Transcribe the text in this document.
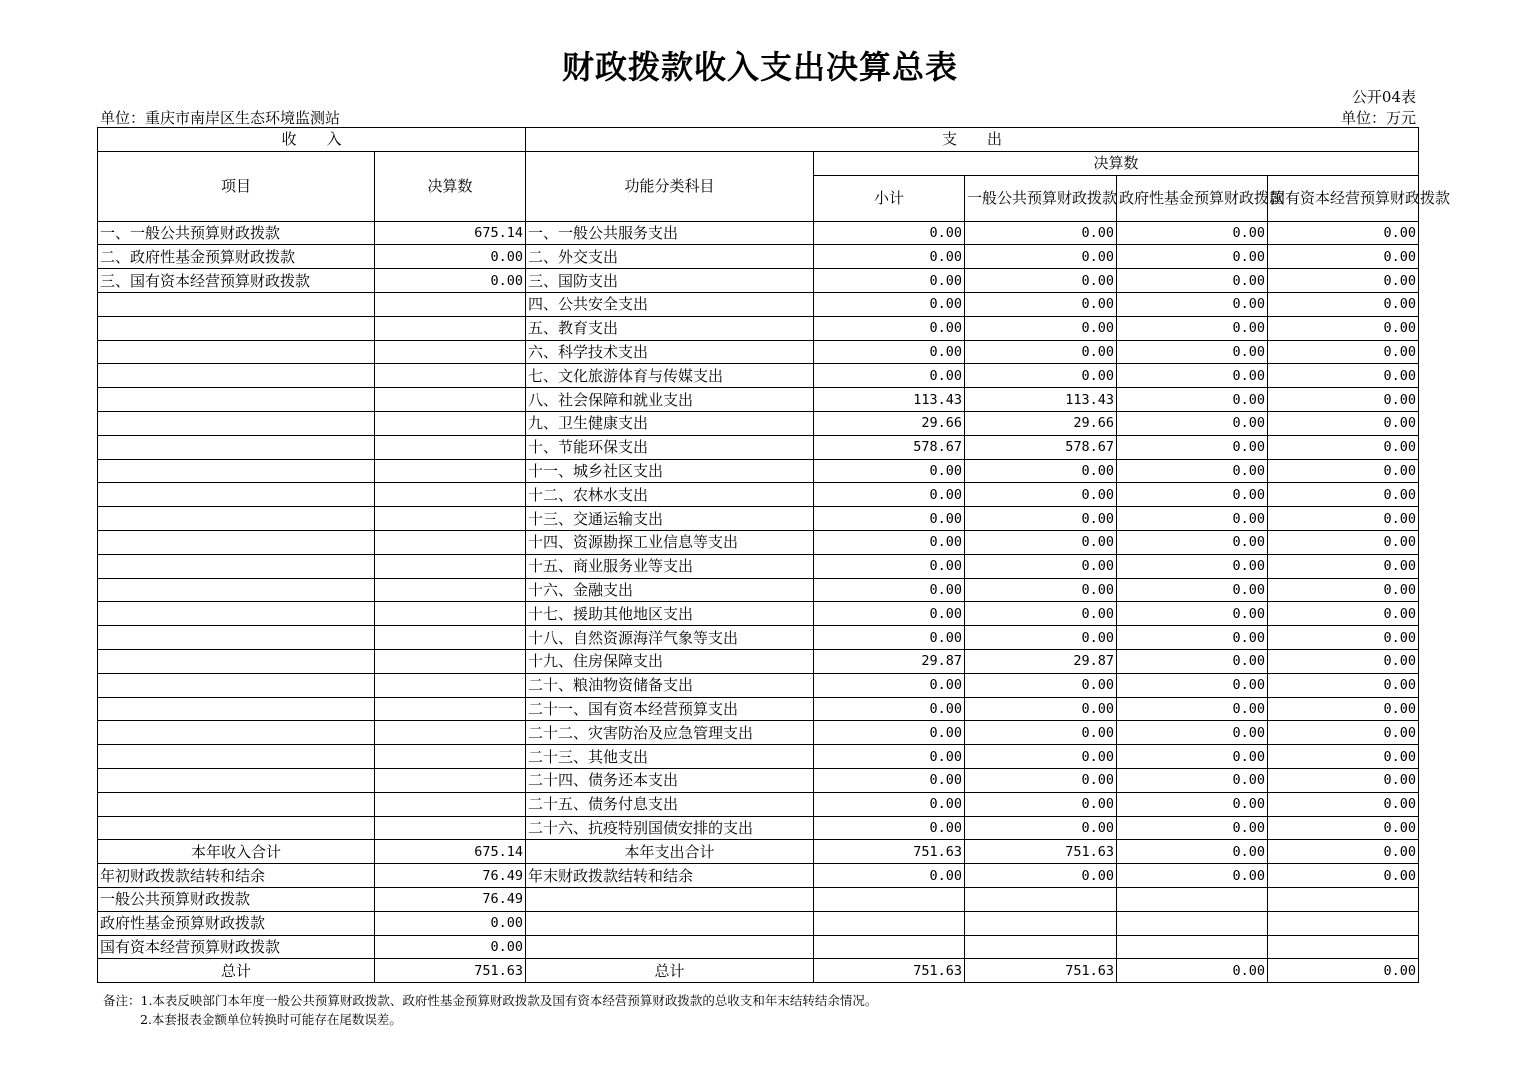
财政拨款收入支出决算总表
公开04表
单位：重庆市南岸区生态环境监测站	单位：万元
收　　入		支　　出				
项目	决算数	功能分类科目	决算数			
			小计	一般公共预算财政拨款	政府性基金预算财政拨款	国有资本经营预算财政拨款
一、一般公共预算财政拨款	675.14	一、一般公共服务支出	0.00	0.00	0.00	0.00
二、政府性基金预算财政拨款	0.00	二、外交支出	0.00	0.00	0.00	0.00
三、国有资本经营预算财政拨款	0.00	三、国防支出	0.00	0.00	0.00	0.00
		四、公共安全支出	0.00	0.00	0.00	0.00
		五、教育支出	0.00	0.00	0.00	0.00
		六、科学技术支出	0.00	0.00	0.00	0.00
		七、文化旅游体育与传媒支出	0.00	0.00	0.00	0.00
		八、社会保障和就业支出	113.43	113.43	0.00	0.00
		九、卫生健康支出	29.66	29.66	0.00	0.00
		十、节能环保支出	578.67	578.67	0.00	0.00
		十一、城乡社区支出	0.00	0.00	0.00	0.00
		十二、农林水支出	0.00	0.00	0.00	0.00
		十三、交通运输支出	0.00	0.00	0.00	0.00
		十四、资源勘探工业信息等支出	0.00	0.00	0.00	0.00
		十五、商业服务业等支出	0.00	0.00	0.00	0.00
		十六、金融支出	0.00	0.00	0.00	0.00
		十七、援助其他地区支出	0.00	0.00	0.00	0.00
		十八、自然资源海洋气象等支出	0.00	0.00	0.00	0.00
		十九、住房保障支出	29.87	29.87	0.00	0.00
		二十、粮油物资储备支出	0.00	0.00	0.00	0.00
		二十一、国有资本经营预算支出	0.00	0.00	0.00	0.00
		二十二、灾害防治及应急管理支出	0.00	0.00	0.00	0.00
		二十三、其他支出	0.00	0.00	0.00	0.00
		二十四、债务还本支出	0.00	0.00	0.00	0.00
		二十五、债务付息支出	0.00	0.00	0.00	0.00
		二十六、抗疫特别国债安排的支出	0.00	0.00	0.00	0.00
本年收入合计	675.14	本年支出合计	751.63	751.63	0.00	0.00
年初财政拨款结转和结余	76.49	年末财政拨款结转和结余	0.00	0.00	0.00	0.00
一般公共预算财政拨款	76.49					
政府性基金预算财政拨款	0.00					
国有资本经营预算财政拨款	0.00					
总计	751.63	总计	751.63	751.63	0.00	0.00
备注：1.本表反映部门本年度一般公共预算财政拨款、政府性基金预算财政拨款及国有资本经营预算财政拨款的总收支和年末结转结余情况。
2.本套报表金额单位转换时可能存在尾数误差。
